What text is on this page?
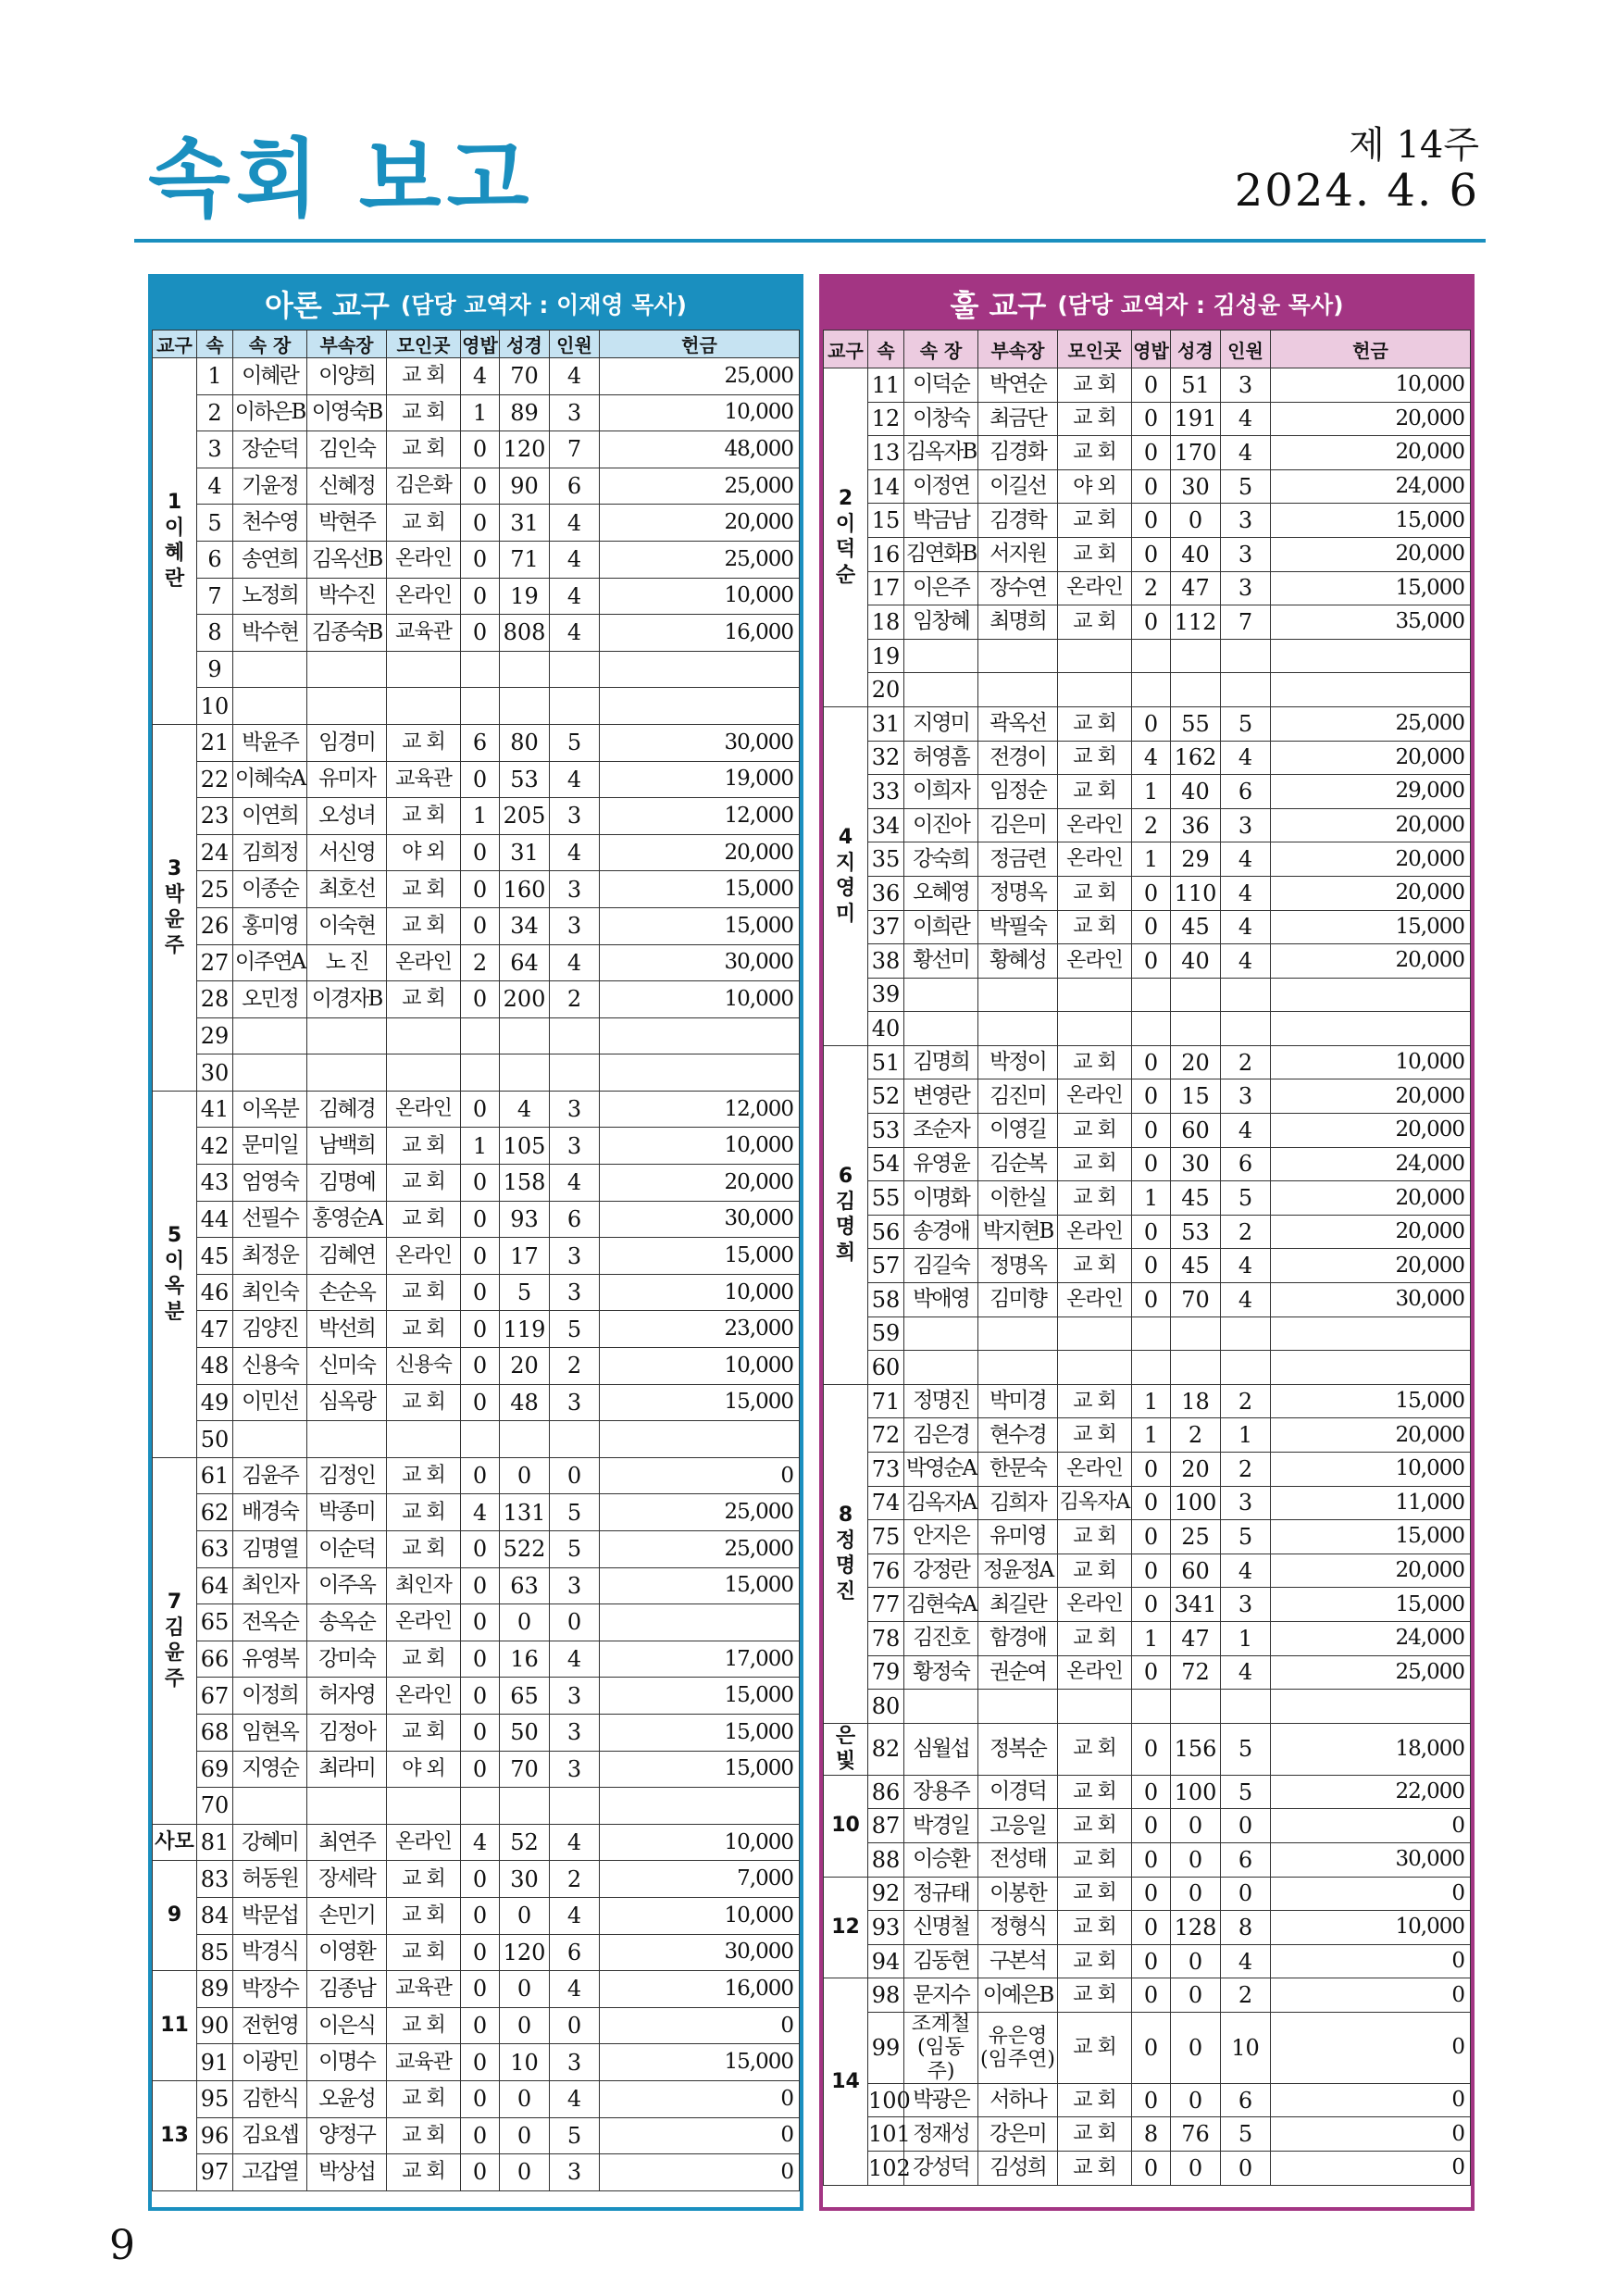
속회 보고	제 14주
2024. 4. 6
아론 교구 (담당 교역자 : 이재영 목사)
교구	속	속 장	부속장	모인곳	영밥	성경	인원	헌금
1
이
혜
란	1	이혜란	이양희	교 회	4	70	4	25,000
	2	이하은B	이영숙B	교 회	1	89	3	10,000
	3	장순덕	김인숙	교 회	0	120	7	48,000
	4	기윤정	신혜정	김은화	0	90	6	25,000
	5	천수영	박현주	교 회	0	31	4	20,000
	6	송연희	김옥선B	온라인	0	71	4	25,000
	7	노정희	박수진	온라인	0	19	4	10,000
	8	박수현	김종숙B	교육관	0	808	4	16,000
	9							
	10							
3
박
윤
주	21	박윤주	임경미	교 회	6	80	5	30,000
	22	이혜숙A	유미자	교육관	0	53	4	19,000
	23	이연희	오성녀	교 회	1	205	3	12,000
	24	김희정	서신영	야 외	0	31	4	20,000
	25	이종순	최호선	교 회	0	160	3	15,000
	26	홍미영	이숙현	교 회	0	34	3	15,000
	27	이주연A	노 진	온라인	2	64	4	30,000
	28	오민정	이경자B	교 회	0	200	2	10,000
	29							
	30							
5
이
옥
분	41	이옥분	김혜경	온라인	0	4	3	12,000
	42	문미일	남백희	교 회	1	105	3	10,000
	43	엄영숙	김명예	교 회	0	158	4	20,000
	44	선필수	홍영순A	교 회	0	93	6	30,000
	45	최정운	김혜연	온라인	0	17	3	15,000
	46	최인숙	손순옥	교 회	0	5	3	10,000
	47	김양진	박선희	교 회	0	119	5	23,000
	48	신용숙	신미숙	신용숙	0	20	2	10,000
	49	이민선	심옥랑	교 회	0	48	3	15,000
	50							
7
김
윤
주	61	김윤주	김정인	교 회	0	0	0	0
	62	배경숙	박종미	교 회	4	131	5	25,000
	63	김명열	이순덕	교 회	0	522	5	25,000
	64	최인자	이주옥	최인자	0	63	3	15,000
	65	전옥순	송옥순	온라인	0	0	0	
	66	유영복	강미숙	교 회	0	16	4	17,000
	67	이정희	허자영	온라인	0	65	3	15,000
	68	임현옥	김정아	교 회	0	50	3	15,000
	69	지영순	최라미	야 외	0	70	3	15,000
	70							
사모	81	강혜미	최연주	온라인	4	52	4	10,000
9	83	허동원	장세락	교 회	0	30	2	7,000
	84	박문섭	손민기	교 회	0	0	4	10,000
	85	박경식	이영환	교 회	0	120	6	30,000
11	89	박장수	김종남	교육관	0	0	4	16,000
	90	전헌영	이은식	교 회	0	0	0	0
	91	이광민	이명수	교육관	0	10	3	15,000
13	95	김한식	오윤성	교 회	0	0	4	0
	96	김요셉	양정구	교 회	0	0	5	0
	97	고갑열	박상섭	교 회	0	0	3	0
훌 교구 (담당 교역자 : 김성윤 목사)
교구	속	속 장	부속장	모인곳	영밥	성경	인원	헌금
2
이
덕
순	11	이덕순	박연순	교 회	0	51	3	10,000
	12	이창숙	최금단	교 회	0	191	4	20,000
	13	김옥자B	김경화	교 회	0	170	4	20,000
	14	이정연	이길선	야 외	0	30	5	24,000
	15	박금남	김경학	교 회	0	0	3	15,000
	16	김연화B	서지원	교 회	0	40	3	20,000
	17	이은주	장수연	온라인	2	47	3	15,000
	18	임창혜	최명희	교 회	0	112	7	35,000
	19							
	20							
4
지
영
미	31	지영미	곽옥선	교 회	0	55	5	25,000
	32	허영흠	전경이	교 회	4	162	4	20,000
	33	이희자	임정순	교 회	1	40	6	29,000
	34	이진아	김은미	온라인	2	36	3	20,000
	35	강숙희	정금련	온라인	1	29	4	20,000
	36	오혜영	정명옥	교 회	0	110	4	20,000
	37	이희란	박필숙	교 회	0	45	4	15,000
	38	황선미	황혜성	온라인	0	40	4	20,000
	39							
	40							
6
김
명
희	51	김명희	박정이	교 회	0	20	2	10,000
	52	변영란	김진미	온라인	0	15	3	20,000
	53	조순자	이영길	교 회	0	60	4	20,000
	54	유영윤	김순복	교 회	0	30	6	24,000
	55	이명화	이한실	교 회	1	45	5	20,000
	56	송경애	박지현B	온라인	0	53	2	20,000
	57	김길숙	정명옥	교 회	0	45	4	20,000
	58	박애영	김미향	온라인	0	70	4	30,000
	59							
	60							
8
정
명
진	71	정명진	박미경	교 회	1	18	2	15,000
	72	김은경	현수경	교 회	1	2	1	20,000
	73	박영순A	한문숙	온라인	0	20	2	10,000
	74	김옥자A	김희자	김옥자A	0	100	3	11,000
	75	안지은	유미영	교 회	0	25	5	15,000
	76	강정란	정윤정A	교 회	0	60	4	20,000
	77	김현숙A	최길란	온라인	0	341	3	15,000
	78	김진호	함경애	교 회	1	47	1	24,000
	79	황정숙	권순여	온라인	0	72	4	25,000
	80							
은 빛	82	심월섭	정복순	교 회	0	156	5	18,000
10	86	장용주	이경덕	교 회	0	100	5	22,000
	87	박경일	고응일	교 회	0	0	0	0
	88	이승환	전성태	교 회	0	0	6	30,000
12	92	정규태	이봉한	교 회	0	0	0	0
	93	신명철	정형식	교 회	0	128	8	10,000
	94	김동현	구본석	교 회	0	0	4	0
14	98	문지수	이예은B	교 회	0	0	2	0
	99	조계철
(임동주)	유은영
(임주연)	교 회	0	0	10	0
	100	박광은	서하나	교 회	0	0	6	0
	101	정재성	강은미	교 회	8	76	5	0
	102	강성덕	김성희	교 회	0	0	0	0
9
